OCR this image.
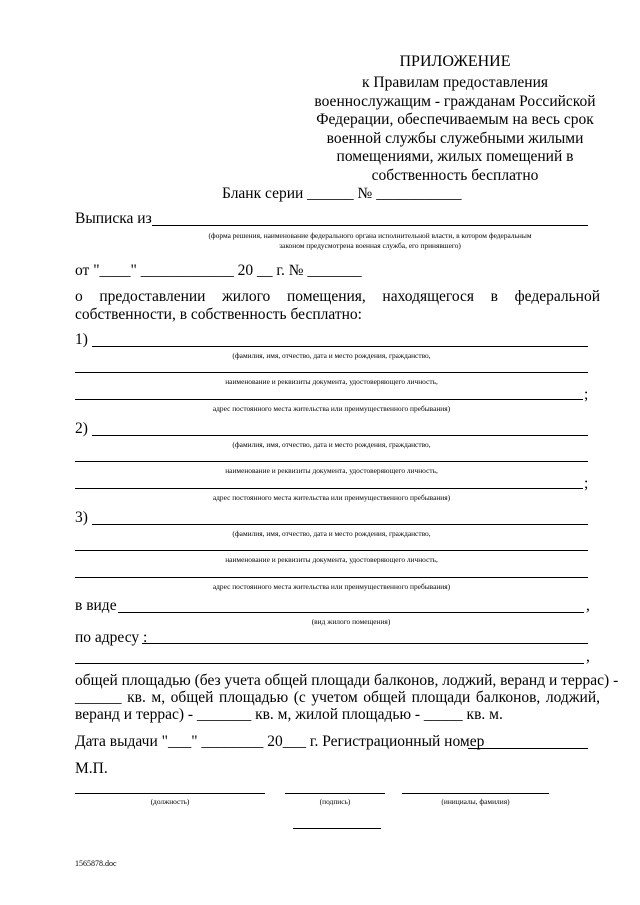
ПРИЛОЖЕНИЕ
к Правилам предоставления
военнослужащим - гражданам Российской
Федерации, обеспечиваемым на весь срок
военной службы служебными жилыми
помещениями, жилых помещений в
собственность бесплатно
Бланк серии ______ № ___________
Выписка из
(форма решения, наименование федерального органа исполнительной власти, в котором федеральным
законом предусмотрена военная служба, его принявшего)
от "____" ____________ 20 __ г. № _______
о предоставлении жилого помещения, находящегося в федеральной
собственности, в собственность бесплатно:
1)
(фамилия, имя, отчество, дата и место рождения, гражданство,
наименование и реквизиты документа, удостоверяющего личность,
;
адрес постоянного места жительства или преимущественного пребывания)
2)
(фамилия, имя, отчество, дата и место рождения, гражданство,
наименование и реквизиты документа, удостоверяющего личность,
;
адрес постоянного места жительства или преимущественного пребывания)
3)
(фамилия, имя, отчество, дата и место рождения, гражданство,
наименование и реквизиты документа, удостоверяющего личность,
адрес постоянного места жительства или преимущественного пребывания)
в виде	,
(вид жилого помещения)
по адресу :
,
общей площадью (без учета общей площади балконов, лоджий, веранд и террас) -
______ кв. м, общей площадью (с учетом общей площади балконов, лоджий,
веранд и террас) - _______ кв. м, жилой площадью - _____ кв. м.
Дата выдачи "___" ________ 20___ г. Регистрационный номер
М.П.
(должность)	(подпись)	(инициалы, фамилия)
1565878.doc
